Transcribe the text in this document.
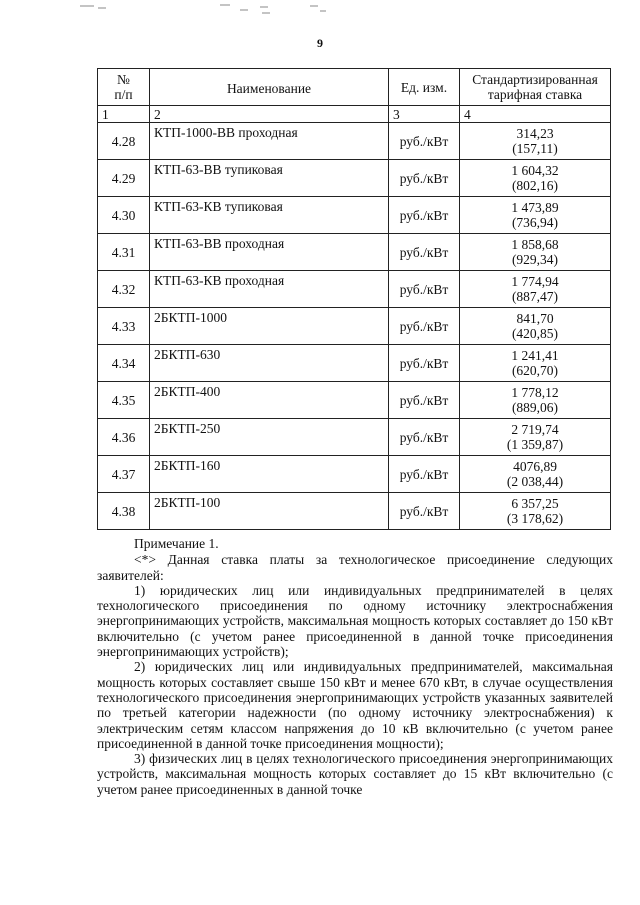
9
№
п/п	Наименование	Ед. изм.	Стандартизированная тарифная ставка
1	2	3	4
4.28	КТП-1000-ВВ проходная	руб./кВт	314,23
(157,11)

4.29	КТП-63-ВВ тупиковая	руб./кВт	1 604,32
(802,16)

4.30	КТП-63-КВ тупиковая	руб./кВт	1 473,89
(736,94)

4.31	КТП-63-ВВ проходная	руб./кВт	1 858,68
(929,34)

4.32	КТП-63-КВ проходная	руб./кВт	1 774,94
(887,47)

4.33	2БКТП-1000	руб./кВт	841,70
(420,85)

4.34	2БКТП-630	руб./кВт	1 241,41
(620,70)

4.35	2БКТП-400	руб./кВт	1 778,12
(889,06)

4.36	2БКТП-250	руб./кВт	2 719,74
(1 359,87)

4.37	2БКТП-160	руб./кВт	4076,89
(2 038,44)

4.38	2БКТП-100	руб./кВт	6 357,25
(3 178,62)

Примечание 1.

<*> Данная ставка платы за технологическое присоединение следующих заявителей:

1) юридических лиц или индивидуальных предпринимателей в целях технологического присоединения по одному источнику электроснабжения энергопринимающих устройств, максимальная мощность которых составляет до 150 кВт включительно (с учетом ранее присоединенной в данной точке присоединения энергопринимающих устройств);

2) юридических лиц или индивидуальных предпринимателей, максимальная мощность которых составляет свыше 150 кВт и менее 670 кВт, в случае осуществления технологического присоединения энергопринимающих устройств указанных заявителей по третьей категории надежности (по одному источнику электроснабжения) к электрическим сетям классом напряжения до 10 кВ включительно (с учетом ранее присоединенной в данной точке присоединения мощности);

3) физических лиц в целях технологического присоединения энергопринимающих устройств, максимальная мощность которых составляет до 15 кВт включительно (с учетом ранее присоединенных в данной точке
